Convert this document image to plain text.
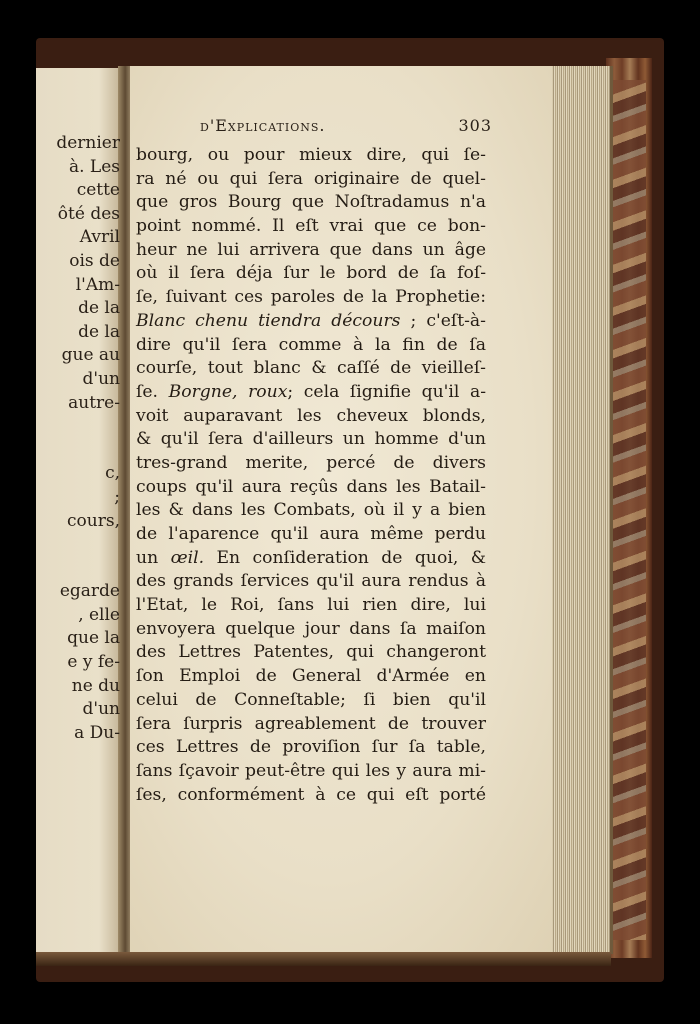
dernier
à. Les
cette
ôté des
Avril
ois de
l'Am-
de la
de la
gue au
d'un
autre-
c,
;
cours,
egarde
, elle
que la
e y fe-
ne du
d'un
a Du-
d'Explications.	303
bourg, ou pour mieux dire, qui ſe-
ra né ou qui ſera originaire de quel-
que gros Bourg que Noſtradamus n'a
point nommé. Il eſt vrai que ce bon-
heur ne lui arrivera que dans un âge
où il ſera déja ſur le bord de ſa foſ-
ſe, ſuivant ces paroles de la Prophetie:
Blanc chenu tiendra décours ; c'eſt-à-
dire qu'il ſera comme à la fin de ſa
courſe, tout blanc & caſſé de vieilleſ-
ſe. Borgne, roux; cela ſignifie qu'il a-
voit auparavant les cheveux blonds,
& qu'il ſera d'ailleurs un homme d'un
tres-grand merite, percé de divers
coups qu'il aura reçûs dans les Batail-
les & dans les Combats, où il y a bien
de l'aparence qu'il aura même perdu
un œil. En conſideration de quoi, &
des grands ſervices qu'il aura rendus à
l'Etat, le Roi, ſans lui rien dire, lui
envoyera quelque jour dans ſa maiſon
des Lettres Patentes, qui changeront
ſon Emploi de General d'Armée en
celui de Conneſtable; ſi bien qu'il
ſera ſurpris agreablement de trouver
ces Lettres de proviſion ſur ſa table,
ſans ſçavoir peut-être qui les y aura mi-
ſes, conformément à ce qui eſt porté
